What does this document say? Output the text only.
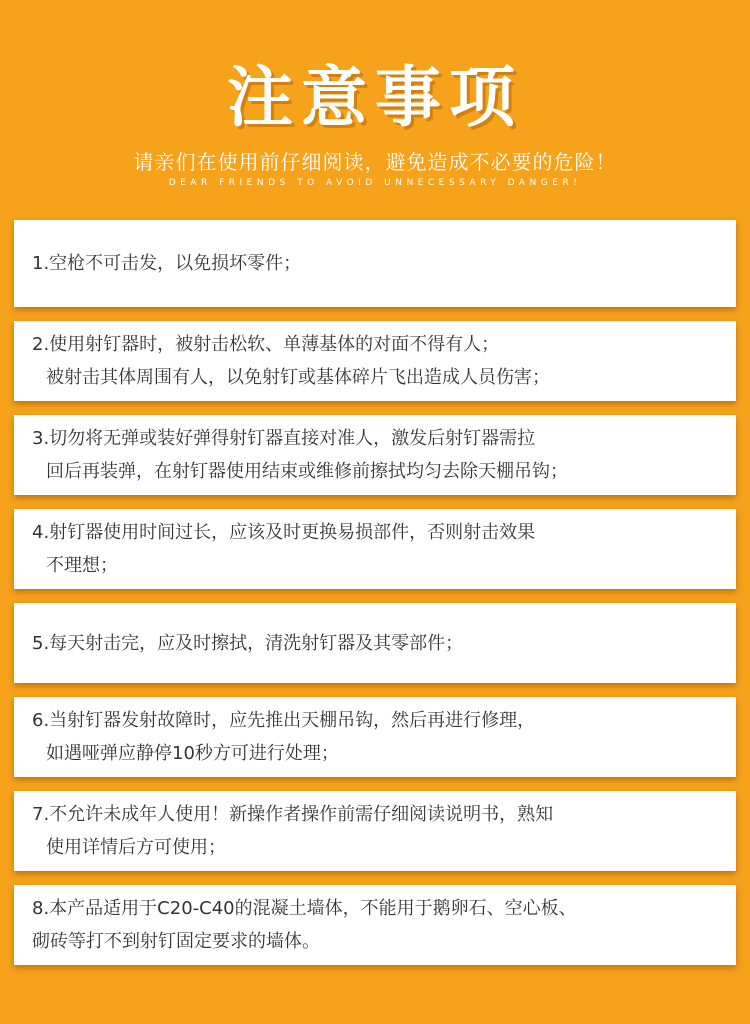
注意事项
请亲们在使用前仔细阅读，避免造成不必要的危险！
DEAR FRIENDS TO AVOID UNNECESSARY DANGER!
1.空枪不可击发，以免损坏零件；
2.使用射钉器时，被射击松软、单薄基体的对面不得有人；
被射击其体周围有人，以免射钉或基体碎片飞出造成人员伤害；
3.切勿将无弹或装好弹得射钉器直接对准人，激发后射钉器需拉
回后再装弹，在射钉器使用结束或维修前擦拭均匀去除天棚吊钩；
4.射钉器使用时间过长，应该及时更换易损部件，否则射击效果
不理想；
5.每天射击完，应及时擦拭，清洗射钉器及其零部件；
6.当射钉器发射故障时，应先推出天棚吊钩，然后再进行修理，
如遇哑弹应静停10秒方可进行处理；
7.不允许未成年人使用！新操作者操作前需仔细阅读说明书，熟知
使用详情后方可使用；
8.本产品适用于C20-C40的混凝土墙体，不能用于鹅卵石、空心板、
砌砖等打不到射钉固定要求的墙体。
